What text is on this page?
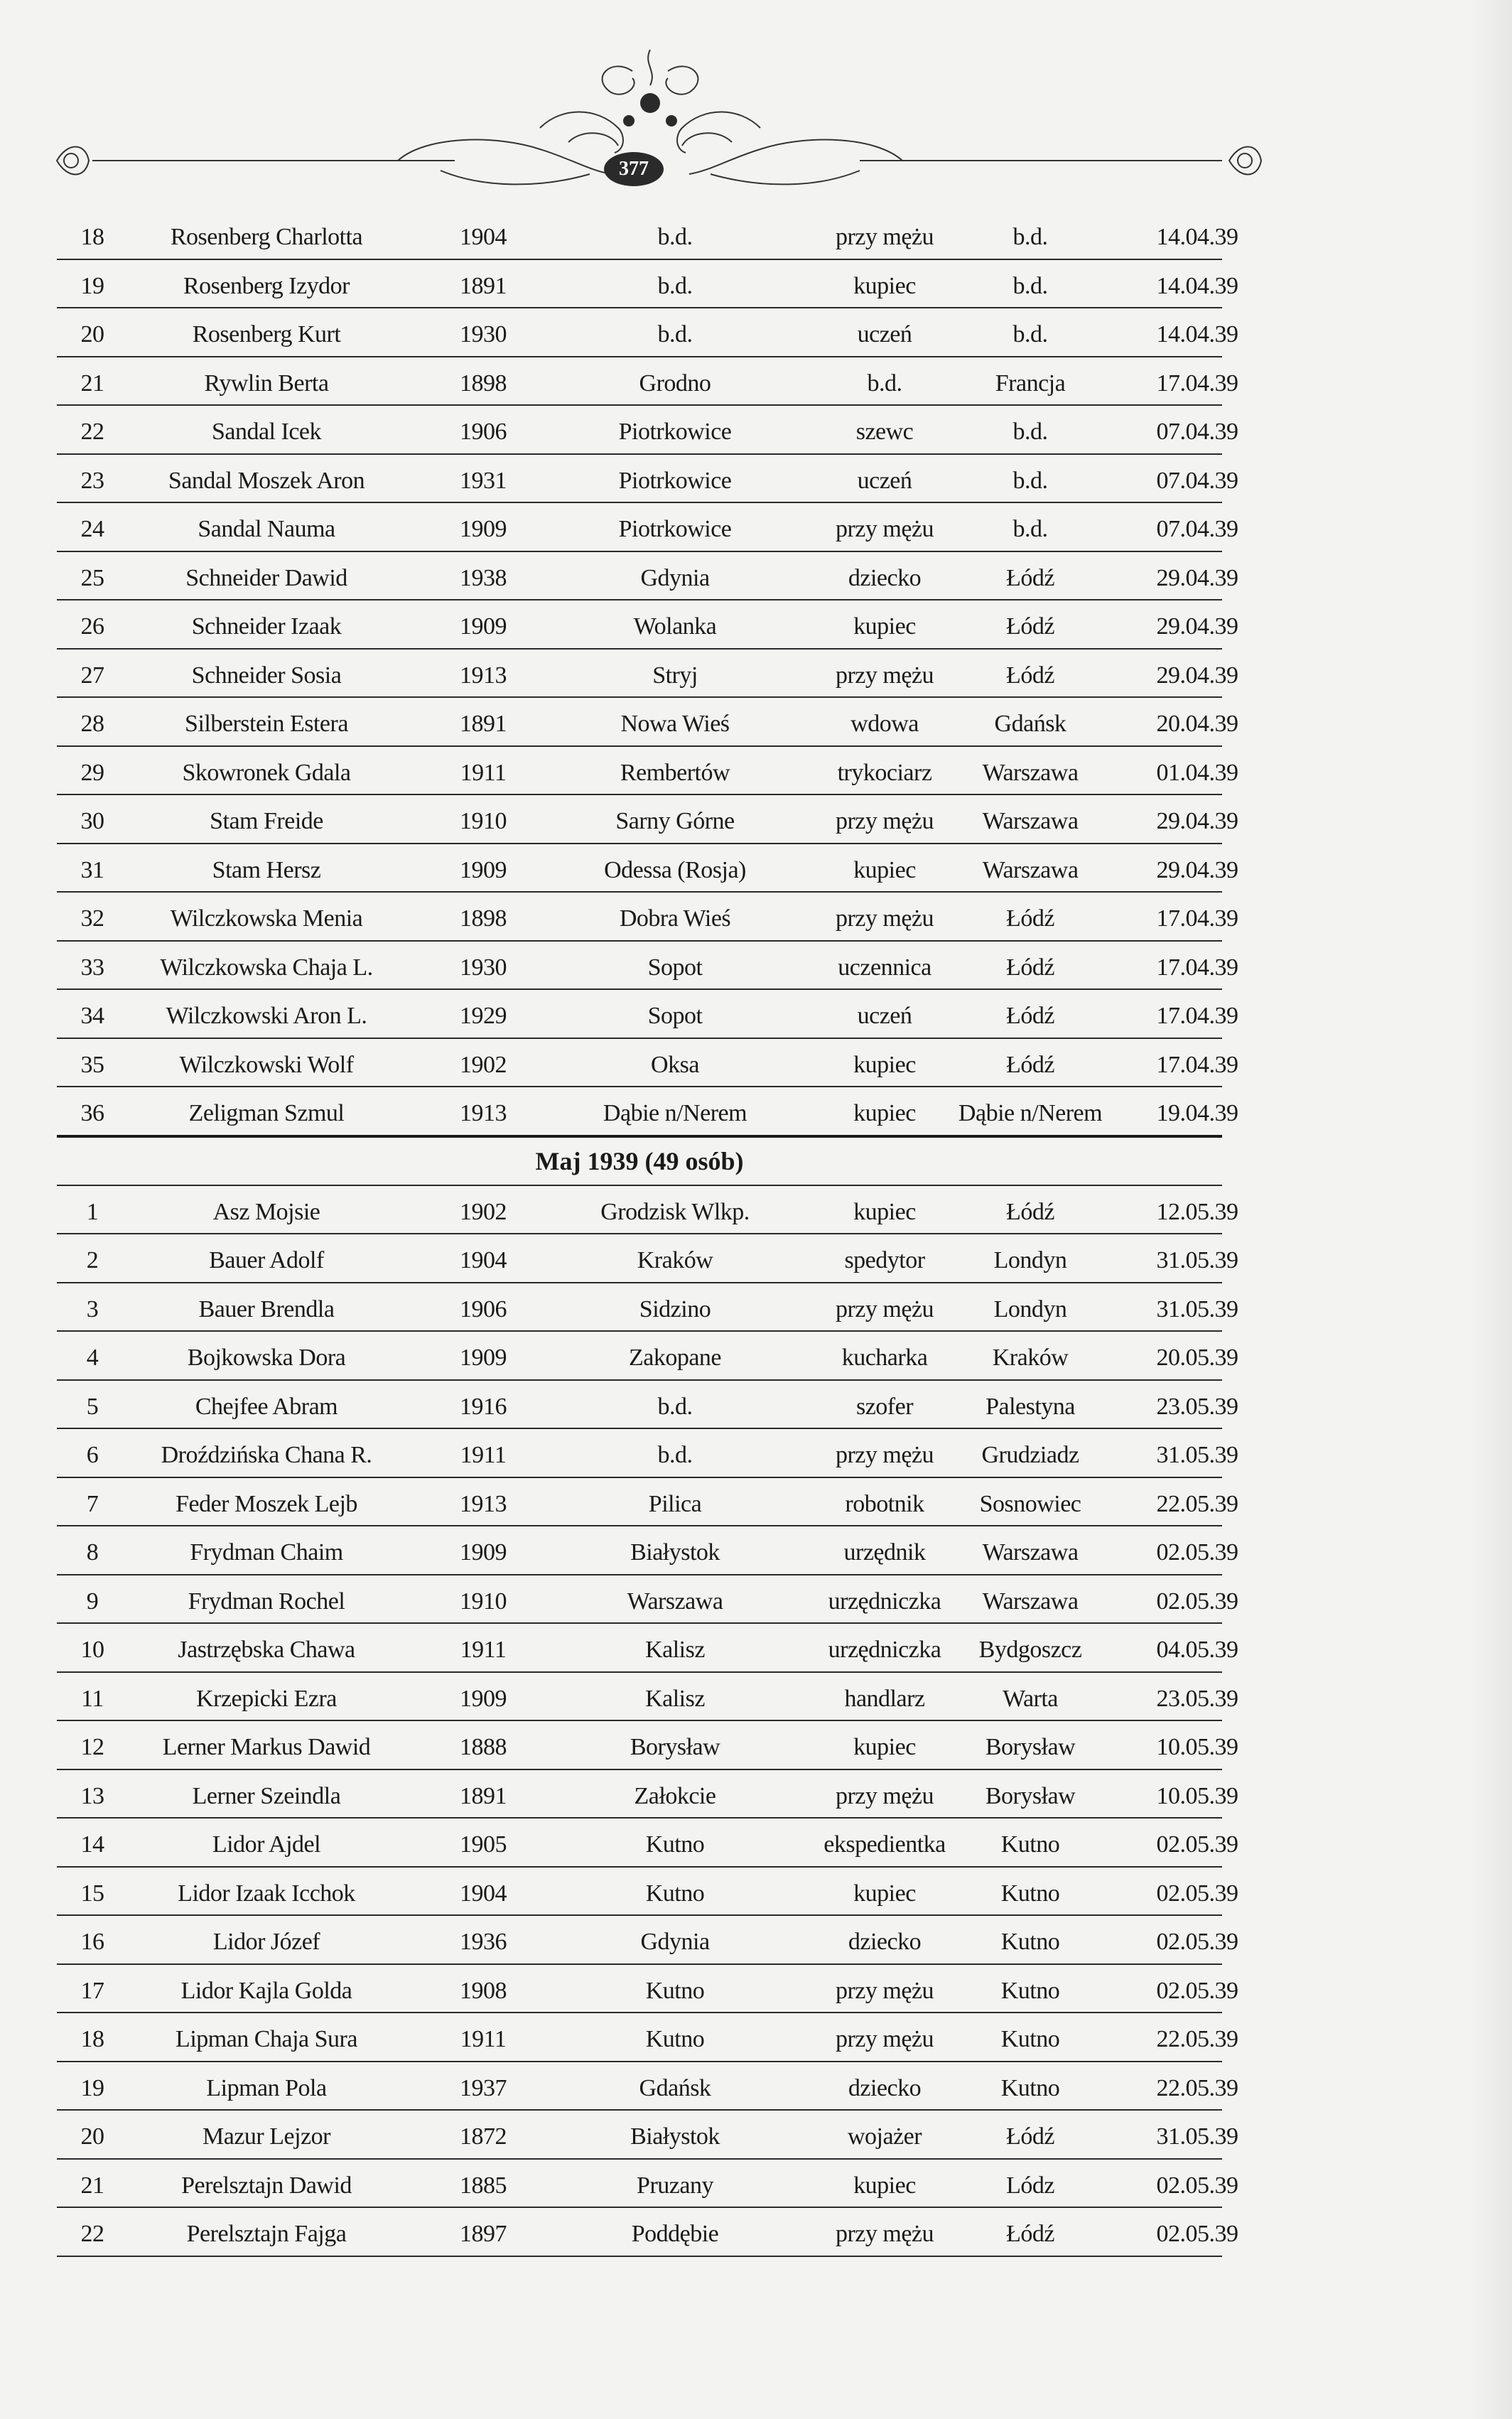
377
18	Rosenberg Charlotta	1904	b.d.	przy mężu	b.d.	14.04.39
19	Rosenberg Izydor	1891	b.d.	kupiec	b.d.	14.04.39
20	Rosenberg Kurt	1930	b.d.	uczeń	b.d.	14.04.39
21	Rywlin Berta	1898	Grodno	b.d.	Francja	17.04.39
22	Sandal Icek	1906	Piotrkowice	szewc	b.d.	07.04.39
23	Sandal Moszek Aron	1931	Piotrkowice	uczeń	b.d.	07.04.39
24	Sandal Nauma	1909	Piotrkowice	przy mężu	b.d.	07.04.39
25	Schneider Dawid	1938	Gdynia	dziecko	Łódź	29.04.39
26	Schneider Izaak	1909	Wolanka	kupiec	Łódź	29.04.39
27	Schneider Sosia	1913	Stryj	przy mężu	Łódź	29.04.39
28	Silberstein Estera	1891	Nowa Wieś	wdowa	Gdańsk	20.04.39
29	Skowronek Gdala	1911	Rembertów	trykociarz	Warszawa	01.04.39
30	Stam Freide	1910	Sarny Górne	przy mężu	Warszawa	29.04.39
31	Stam Hersz	1909	Odessa (Rosja)	kupiec	Warszawa	29.04.39
32	Wilczkowska Menia	1898	Dobra Wieś	przy mężu	Łódź	17.04.39
33	Wilczkowska Chaja L.	1930	Sopot	uczennica	Łódź	17.04.39
34	Wilczkowski Aron L.	1929	Sopot	uczeń	Łódź	17.04.39
35	Wilczkowski Wolf	1902	Oksa	kupiec	Łódź	17.04.39
36	Zeligman Szmul	1913	Dąbie n/Nerem	kupiec	Dąbie n/Nerem	19.04.39
Maj 1939 (49 osób)
1	Asz Mojsie	1902	Grodzisk Wlkp.	kupiec	Łódź	12.05.39
2	Bauer Adolf	1904	Kraków	spedytor	Londyn	31.05.39
3	Bauer Brendla	1906	Sidzino	przy mężu	Londyn	31.05.39
4	Bojkowska Dora	1909	Zakopane	kucharka	Kraków	20.05.39
5	Chejfee Abram	1916	b.d.	szofer	Palestyna	23.05.39
6	Droździńska Chana R.	1911	b.d.	przy mężu	Grudziadz	31.05.39
7	Feder Moszek Lejb	1913	Pilica	robotnik	Sosnowiec	22.05.39
8	Frydman Chaim	1909	Białystok	urzędnik	Warszawa	02.05.39
9	Frydman Rochel	1910	Warszawa	urzędniczka	Warszawa	02.05.39
10	Jastrzębska Chawa	1911	Kalisz	urzędniczka	Bydgoszcz	04.05.39
11	Krzepicki Ezra	1909	Kalisz	handlarz	Warta	23.05.39
12	Lerner Markus Dawid	1888	Borysław	kupiec	Borysław	10.05.39
13	Lerner Szeindla	1891	Załokcie	przy mężu	Borysław	10.05.39
14	Lidor Ajdel	1905	Kutno	ekspedientka	Kutno	02.05.39
15	Lidor Izaak Icchok	1904	Kutno	kupiec	Kutno	02.05.39
16	Lidor Józef	1936	Gdynia	dziecko	Kutno	02.05.39
17	Lidor Kajla Golda	1908	Kutno	przy mężu	Kutno	02.05.39
18	Lipman Chaja Sura	1911	Kutno	przy mężu	Kutno	22.05.39
19	Lipman Pola	1937	Gdańsk	dziecko	Kutno	22.05.39
20	Mazur Lejzor	1872	Białystok	wojażer	Łódź	31.05.39
21	Perelsztajn Dawid	1885	Pruzany	kupiec	Lódz	02.05.39
22	Perelsztajn Fajga	1897	Poddębie	przy mężu	Łódź	02.05.39
